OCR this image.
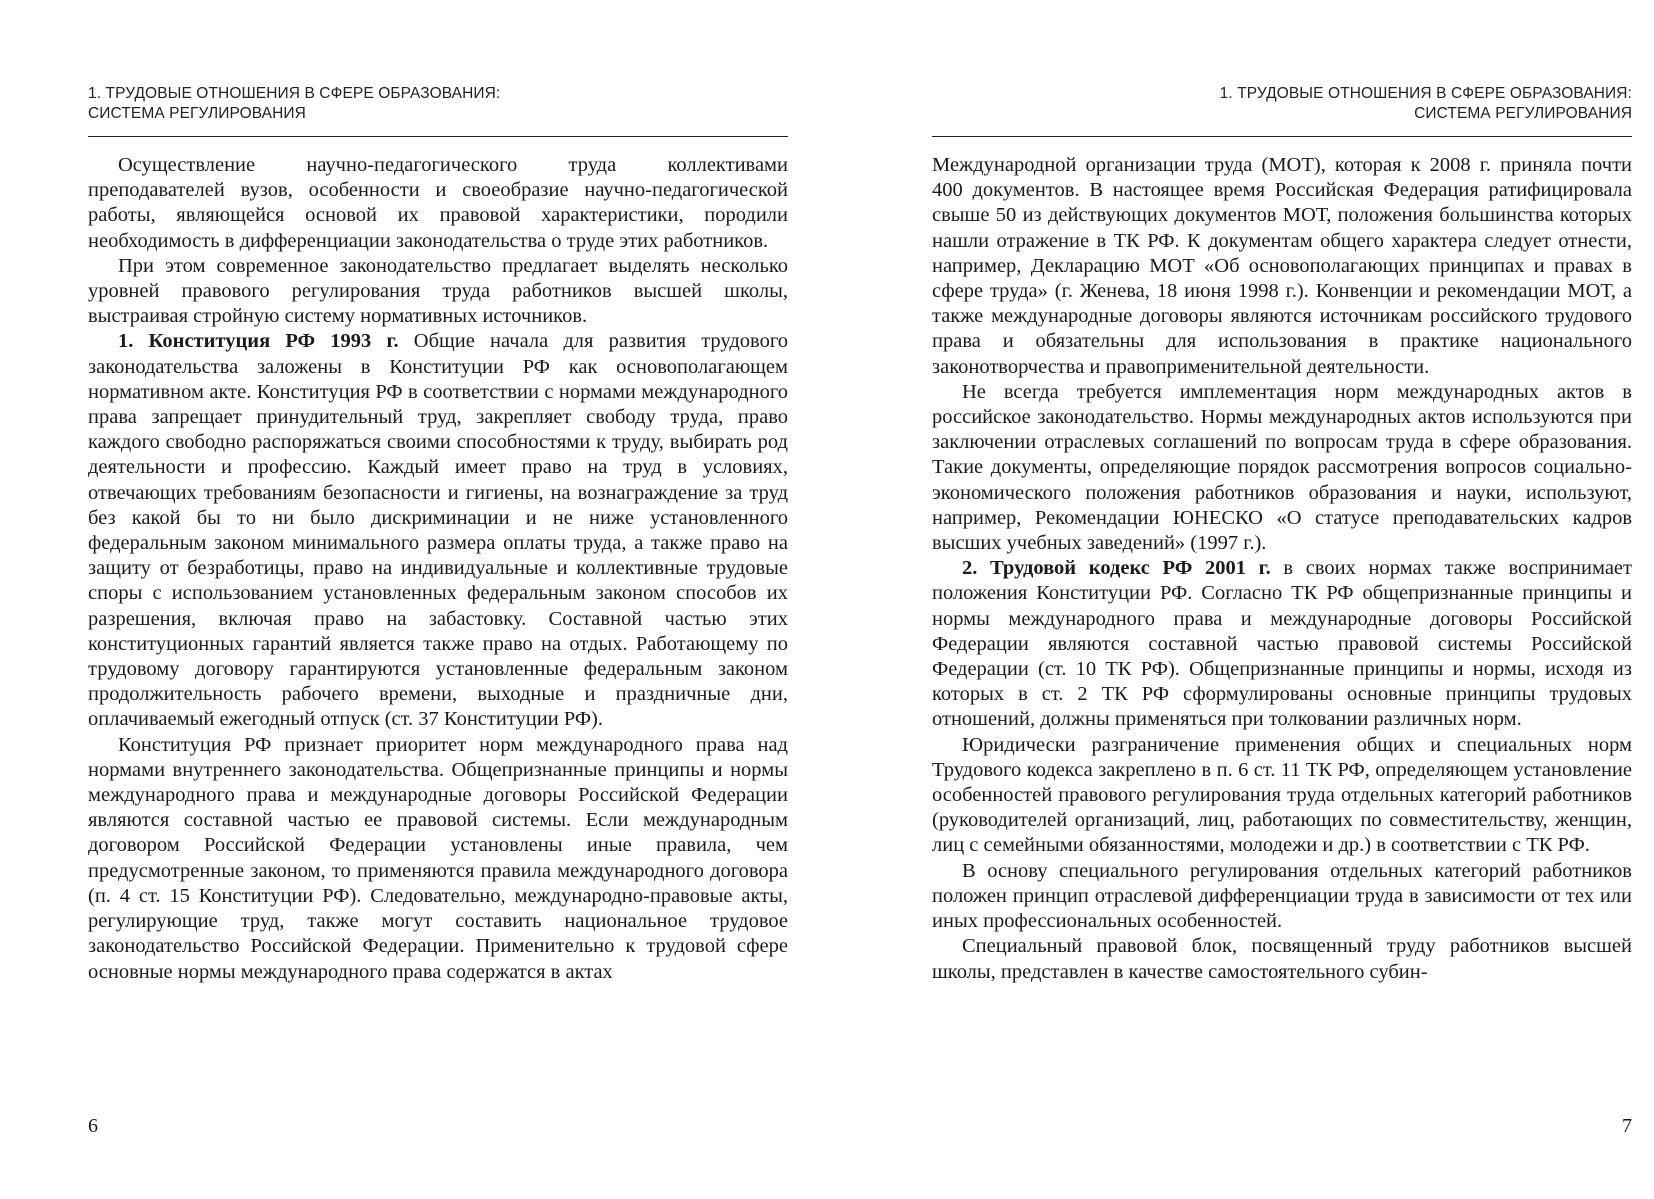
1. ТРУДОВЫЕ ОТНОШЕНИЯ В СФЕРЕ ОБРАЗОВАНИЯ:
СИСТЕМА РЕГУЛИРОВАНИЯ

Осуществление научно-педагогического труда коллективами преподавателей вузов, особенности и своеобразие научно-педагогической работы, являющейся основой их правовой характеристики, породили необходимость в дифференциации законодательства о труде этих работников.

При этом современное законодательство предлагает выделять несколько уровней правового регулирования труда работников высшей школы, выстраивая стройную систему нормативных источников.

1. Конституция РФ 1993 г. Общие начала для развития трудового законодательства заложены в Конституции РФ как основополагающем нормативном акте. Конституция РФ в соответствии с нормами международного права запрещает принудительный труд, закрепляет свободу труда, право каждого свободно распоряжаться своими способностями к труду, выбирать род деятельности и профессию. Каждый имеет право на труд в условиях, отвечающих требованиям безопасности и гигиены, на вознаграждение за труд без какой бы то ни было дискриминации и не ниже установленного федеральным законом минимального размера оплаты труда, а также право на защиту от безработицы, право на индивидуальные и коллективные трудовые споры с использованием установленных федеральным законом способов их разрешения, включая право на забастовку. Составной частью этих конституционных гарантий является также право на отдых. Работающему по трудовому договору гарантируются установленные федеральным законом продолжительность рабочего времени, выходные и праздничные дни, оплачиваемый ежегодный отпуск (ст. 37 Конституции РФ).

Конституция РФ признает приоритет норм международного права над нормами внутреннего законодательства. Общепризнанные принципы и нормы международного права и международные договоры Российской Федерации являются составной частью ее правовой системы. Если международным договором Российской Федерации установлены иные правила, чем предусмотренные законом, то применяются правила международного договора (п. 4 ст. 15 Конституции РФ). Следовательно, международно-правовые акты, регулирующие труд, также могут составить национальное трудовое законодательство Российской Федерации. Применительно к трудовой сфере основные нормы международного права содержатся в актах

6
1. ТРУДОВЫЕ ОТНОШЕНИЯ В СФЕРЕ ОБРАЗОВАНИЯ:
СИСТЕМА РЕГУЛИРОВАНИЯ

Международной организации труда (МОТ), которая к 2008 г. приняла почти 400 документов. В настоящее время Российская Федерация ратифицировала свыше 50 из действующих документов МОТ, положения большинства которых нашли отражение в ТК РФ. К документам общего характера следует отнести, например, Декларацию МОТ «Об основополагающих принципах и правах в сфере труда» (г. Женева, 18 июня 1998 г.). Конвенции и рекомендации МОТ, а также международные договоры являются источникам российского трудового права и обязательны для использования в практике национального законотворчества и правоприменительной деятельности.

Не всегда требуется имплементация норм международных актов в российское законодательство. Нормы международных актов используются при заключении отраслевых соглашений по вопросам труда в сфере образования. Такие документы, определяющие порядок рассмотрения вопросов социально-экономического положения работников образования и науки, используют, например, Рекомендации ЮНЕСКО «О статусе преподавательских кадров высших учебных заведений» (1997 г.).

2. Трудовой кодекс РФ 2001 г. в своих нормах также воспринимает положения Конституции РФ. Согласно ТК РФ общепризнанные принципы и нормы международного права и международные договоры Российской Федерации являются составной частью правовой системы Российской Федерации (ст. 10 ТК РФ). Общепризнанные принципы и нормы, исходя из которых в ст. 2 ТК РФ сформулированы основные принципы трудовых отношений, должны применяться при толковании различных норм.

Юридически разграничение применения общих и специальных норм Трудового кодекса закреплено в п. 6 ст. 11 ТК РФ, определяющем установление особенностей правового регулирования труда отдельных категорий работников (руководителей организаций, лиц, работающих по совместительству, женщин, лиц с семейными обязанностями, молодежи и др.) в соответствии с ТК РФ.

В основу специального регулирования отдельных категорий работников положен принцип отраслевой дифференциации труда в зависимости от тех или иных профессиональных особенностей.

Специальный правовой блок, посвященный труду работников высшей школы, представлен в качестве самостоятельного субин-

7
